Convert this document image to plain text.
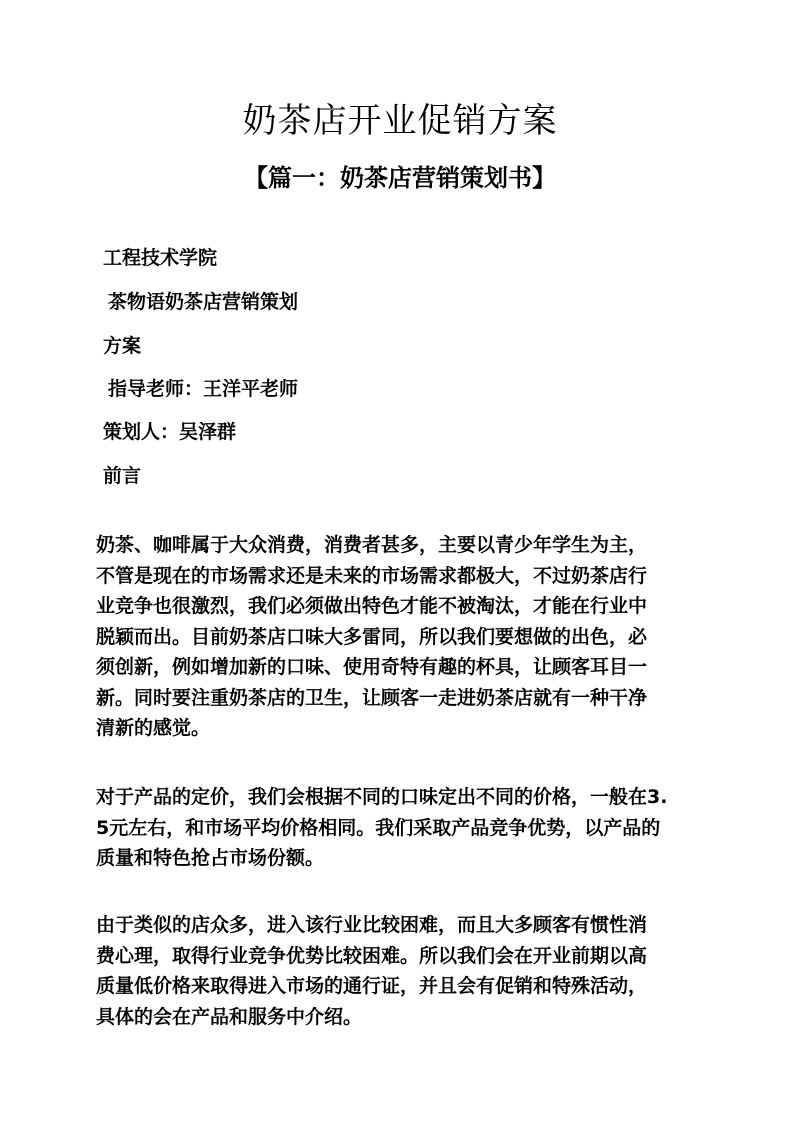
奶茶店开业促销方案
【篇一：奶茶店营销策划书】

工程技术学院

茶物语奶茶店营销策划

方案

指导老师：王洋平老师

策划人：吴泽群

前言

奶茶、咖啡属于大众消费，消费者甚多，主要以青少年学生为主，
不管是现在的市场需求还是未来的市场需求都极大，不过奶茶店行
业竞争也很激烈，我们必须做出特色才能不被淘汰，才能在行业中
脱颖而出。目前奶茶店口味大多雷同，所以我们要想做的出色，必
须创新，例如增加新的口味、使用奇特有趣的杯具，让顾客耳目一
新。同时要注重奶茶店的卫生，让顾客一走进奶茶店就有一种干净
清新的感觉。
对于产品的定价，我们会根据不同的口味定出不同的价格，一般在3.
5元左右，和市场平均价格相同。我们采取产品竞争优势，以产品的
质量和特色抢占市场份额。
由于类似的店众多，进入该行业比较困难，而且大多顾客有惯性消
费心理，取得行业竞争优势比较困难。所以我们会在开业前期以高
质量低价格来取得进入市场的通行证，并且会有促销和特殊活动，
具体的会在产品和服务中介绍。
